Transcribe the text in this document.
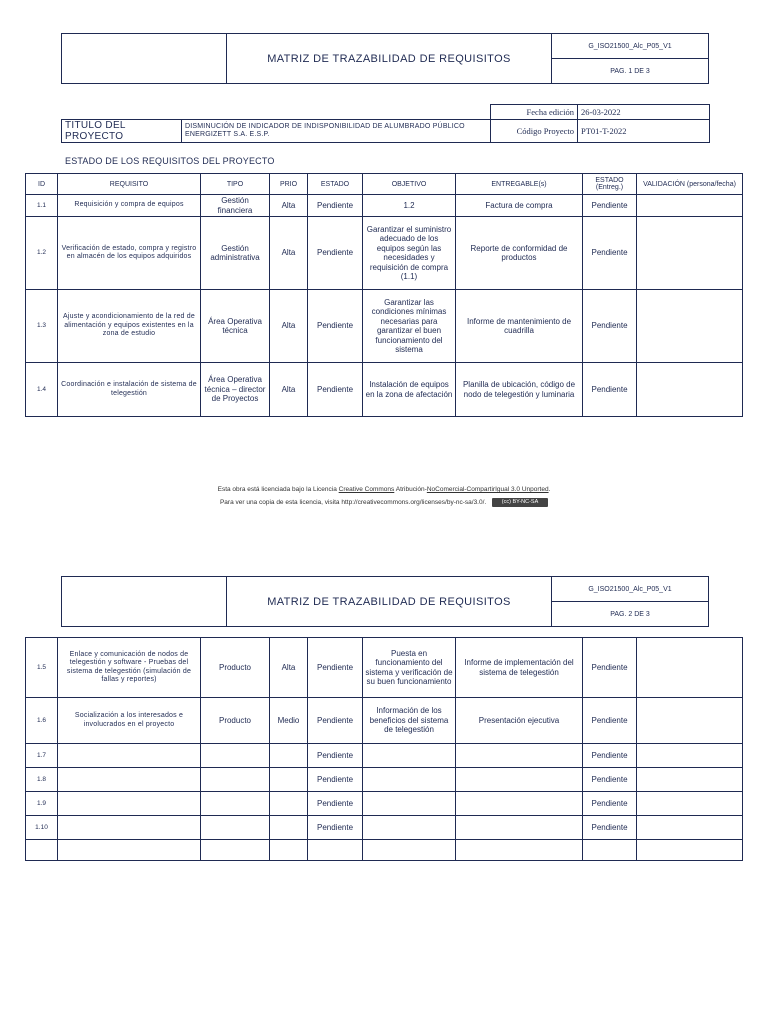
	MATRIZ DE TRAZABILIDAD DE REQUISITOS	G_ISO21500_Alc_P05_V1
PAG. 1 DE 3
		Fecha edición	26-03-2022
TITULO DEL PROYECTO	DISMINUCIÓN DE INDICADOR DE INDISPONIBILIDAD DE ALUMBRADO PÚBLICO ENERGIZETT S.A. E.S.P.	Código Proyecto	PT01-T-2022
ESTADO DE LOS REQUISITOS DEL PROYECTO
ID	REQUISITO	TIPO	PRIO	ESTADO	OBJETIVO	ENTREGABLE(s)	ESTADO (Entreg.)	VALIDACIÓN (persona/fecha)
1.1	Requisición y compra de equipos	Gestión financiera	Alta	Pendiente	1.2	Factura de compra	Pendiente	
1.2	Verificación de estado, compra y registro en almacén de los equipos adquiridos	Gestión administrativa	Alta	Pendiente	Garantizar el suministro adecuado de los equipos según las necesidades y requisición de compra (1.1)	Reporte de conformidad de productos	Pendiente	
1.3	Ajuste y acondicionamiento de la red de alimentación y equipos existentes en la zona de estudio	Área Operativa técnica	Alta	Pendiente	Garantizar las condiciones mínimas necesarias para garantizar el buen funcionamiento del sistema	Informe de mantenimiento de cuadrilla	Pendiente	
1.4	Coordinación e instalación de sistema de telegestión	Área Operativa técnica – director de Proyectos	Alta	Pendiente	Instalación de equipos en la zona de afectación	Planilla de ubicación, código de nodo de telegestión y luminaria	Pendiente	
Esta obra está licenciada bajo la Licencia Creative Commons Atribución-NoComercial-CompartirIgual 3.0 Unported.
Para ver una copia de esta licencia, visita http://creativecommons.org/licenses/by-nc-sa/3.0/.	(cc) BY-NC-SA
	MATRIZ DE TRAZABILIDAD DE REQUISITOS	G_ISO21500_Alc_P05_V1
PAG. 2 DE 3
1.5	Enlace y comunicación de nodos de telegestión y software - Pruebas del sistema de telegestión (simulación de fallas y reportes)	Producto	Alta	Pendiente	Puesta en funcionamiento del sistema y verificación de su buen funcionamiento	Informe de implementación del sistema de telegestión	Pendiente	
1.6	Socialización a los interesados e involucrados en el proyecto	Producto	Medio	Pendiente	Información de los beneficios del sistema de telegestión	Presentación ejecutiva	Pendiente	
1.7				Pendiente			Pendiente	
1.8				Pendiente			Pendiente	
1.9				Pendiente			Pendiente	
1.10				Pendiente			Pendiente	
